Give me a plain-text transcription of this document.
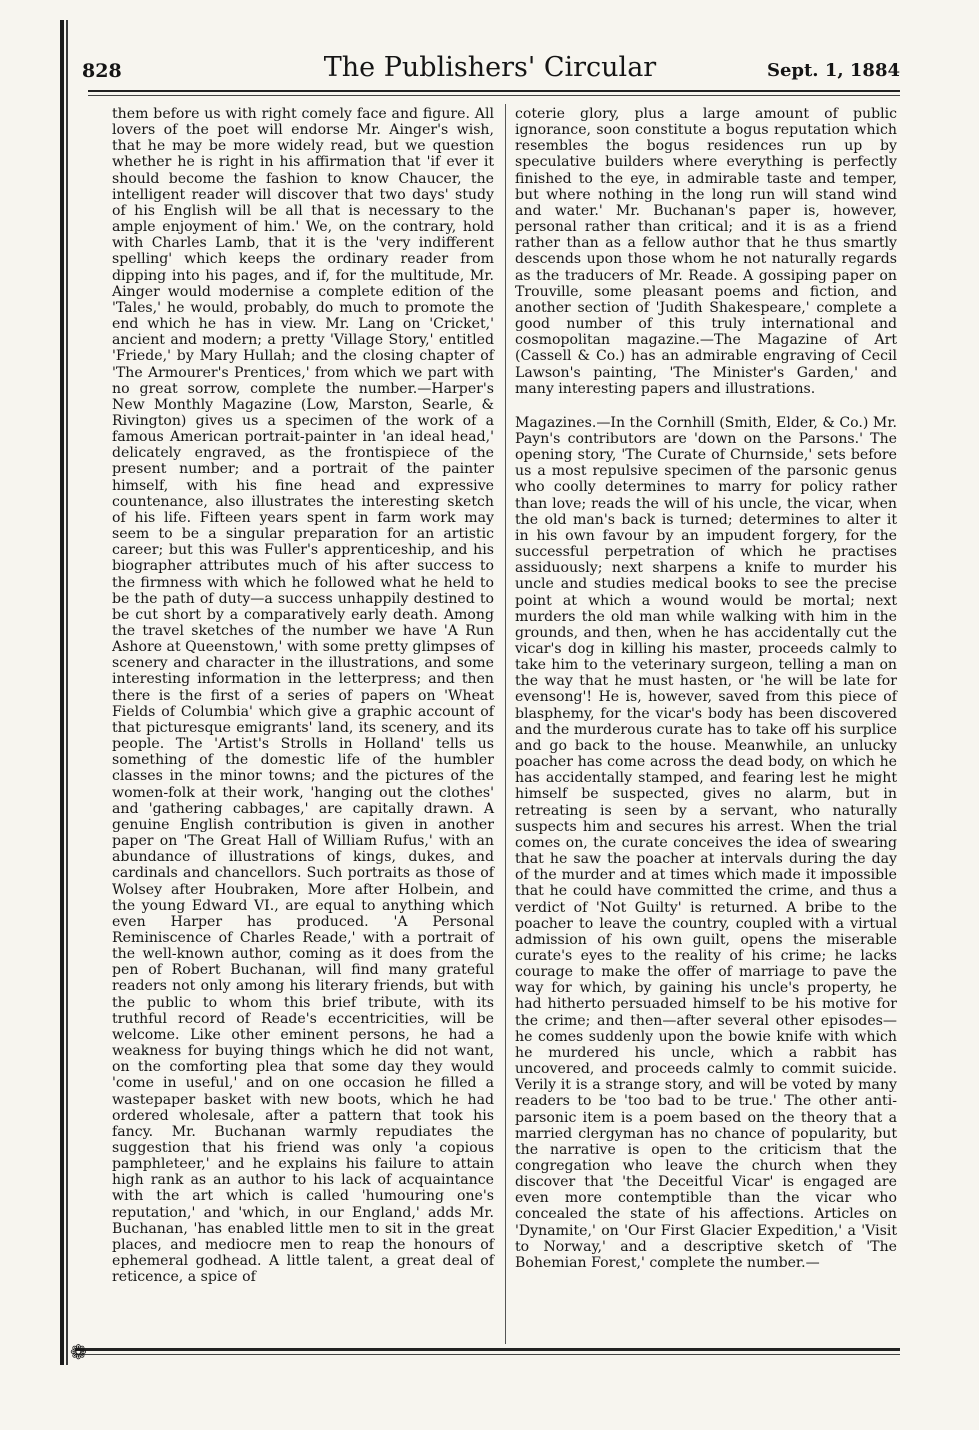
828	The Publishers' Circular	Sept. 1, 1884

them before us with right comely face and figure. All lovers of the poet will endorse Mr. Ainger's wish, that he may be more widely read, but we question whether he is right in his affirmation that 'if ever it should become the fashion to know Chaucer, the intelligent reader will discover that two days' study of his English will be all that is necessary to the ample enjoyment of him.' We, on the contrary, hold with Charles Lamb, that it is the 'very indifferent spelling' which keeps the ordinary reader from dipping into his pages, and if, for the multitude, Mr. Ainger would modernise a complete edition of the 'Tales,' he would, probably, do much to promote the end which he has in view. Mr. Lang on 'Cricket,' ancient and modern; a pretty 'Village Story,' entitled 'Friede,' by Mary Hullah; and the closing chapter of 'The Armourer's Prentices,' from which we part with no great sorrow, complete the number.—Harper's New Monthly Magazine (Low, Marston, Searle, & Rivington) gives us a specimen of the work of a famous American portrait-painter in 'an ideal head,' delicately engraved, as the frontispiece of the present number; and a portrait of the painter himself, with his fine head and expressive countenance, also illustrates the interesting sketch of his life. Fifteen years spent in farm work may seem to be a singular preparation for an artistic career; but this was Fuller's apprenticeship, and his biographer attributes much of his after success to the firmness with which he followed what he held to be the path of duty—a success unhappily destined to be cut short by a comparatively early death. Among the travel sketches of the number we have 'A Run Ashore at Queenstown,' with some pretty glimpses of scenery and character in the illustrations, and some interesting information in the letterpress; and then there is the first of a series of papers on 'Wheat Fields of Columbia' which give a graphic account of that picturesque emigrants' land, its scenery, and its people. The 'Artist's Strolls in Holland' tells us something of the domestic life of the humbler classes in the minor towns; and the pictures of the women-folk at their work, 'hanging out the clothes' and 'gathering cabbages,' are capitally drawn. A genuine English contribution is given in another paper on 'The Great Hall of William Rufus,' with an abundance of illustrations of kings, dukes, and cardinals and chancellors. Such portraits as those of Wolsey after Houbraken, More after Holbein, and the young Edward VI., are equal to anything which even Harper has produced. 'A Personal Reminiscence of Charles Reade,' with a portrait of the well-known author, coming as it does from the pen of Robert Buchanan, will find many grateful readers not only among his literary friends, but with the public to whom this brief tribute, with its truthful record of Reade's eccentricities, will be welcome. Like other eminent persons, he had a weakness for buying things which he did not want, on the comforting plea that some day they would 'come in useful,' and on one occasion he filled a wastepaper basket with new boots, which he had ordered wholesale, after a pattern that took his fancy. Mr. Buchanan warmly repudiates the suggestion that his friend was only 'a copious pamphleteer,' and he explains his failure to attain high rank as an author to his lack of acquaintance with the art which is called 'humouring one's reputation,' and 'which, in our England,' adds Mr. Buchanan, 'has enabled little men to sit in the great places, and mediocre men to reap the honours of ephemeral godhead. A little talent, a great deal of reticence, a spice of

coterie glory, plus a large amount of public ignorance, soon constitute a bogus reputation which resembles the bogus residences run up by speculative builders where everything is perfectly finished to the eye, in admirable taste and temper, but where nothing in the long run will stand wind and water.' Mr. Buchanan's paper is, however, personal rather than critical; and it is as a friend rather than as a fellow author that he thus smartly descends upon those whom he not naturally regards as the traducers of Mr. Reade. A gossiping paper on Trouville, some pleasant poems and fiction, and another section of 'Judith Shakespeare,' complete a good number of this truly international and cosmopolitan magazine.—The Magazine of Art (Cassell & Co.) has an admirable engraving of Cecil Lawson's painting, 'The Minister's Garden,' and many interesting papers and illustrations.

Magazines.—In the Cornhill (Smith, Elder, & Co.) Mr. Payn's contributors are 'down on the Parsons.' The opening story, 'The Curate of Churnside,' sets before us a most repulsive specimen of the parsonic genus who coolly determines to marry for policy rather than love; reads the will of his uncle, the vicar, when the old man's back is turned; determines to alter it in his own favour by an impudent forgery, for the successful perpetration of which he practises assiduously; next sharpens a knife to murder his uncle and studies medical books to see the precise point at which a wound would be mortal; next murders the old man while walking with him in the grounds, and then, when he has accidentally cut the vicar's dog in killing his master, proceeds calmly to take him to the veterinary surgeon, telling a man on the way that he must hasten, or 'he will be late for evensong'! He is, however, saved from this piece of blasphemy, for the vicar's body has been discovered and the murderous curate has to take off his surplice and go back to the house. Meanwhile, an unlucky poacher has come across the dead body, on which he has accidentally stamped, and fearing lest he might himself be suspected, gives no alarm, but in retreating is seen by a servant, who naturally suspects him and secures his arrest. When the trial comes on, the curate conceives the idea of swearing that he saw the poacher at intervals during the day of the murder and at times which made it impossible that he could have committed the crime, and thus a verdict of 'Not Guilty' is returned. A bribe to the poacher to leave the country, coupled with a virtual admission of his own guilt, opens the miserable curate's eyes to the reality of his crime; he lacks courage to make the offer of marriage to pave the way for which, by gaining his uncle's property, he had hitherto persuaded himself to be his motive for the crime; and then—after several other episodes—he comes suddenly upon the bowie knife with which he murdered his uncle, which a rabbit has uncovered, and proceeds calmly to commit suicide. Verily it is a strange story, and will be voted by many readers to be 'too bad to be true.' The other anti-parsonic item is a poem based on the theory that a married clergyman has no chance of popularity, but the narrative is open to the criticism that the congregation who leave the church when they discover that 'the Deceitful Vicar' is engaged are even more contemptible than the vicar who concealed the state of his affections. Articles on 'Dynamite,' on 'Our First Glacier Expedition,' a 'Visit to Norway,' and a descriptive sketch of 'The Bohemian Forest,' complete the number.—

❁
